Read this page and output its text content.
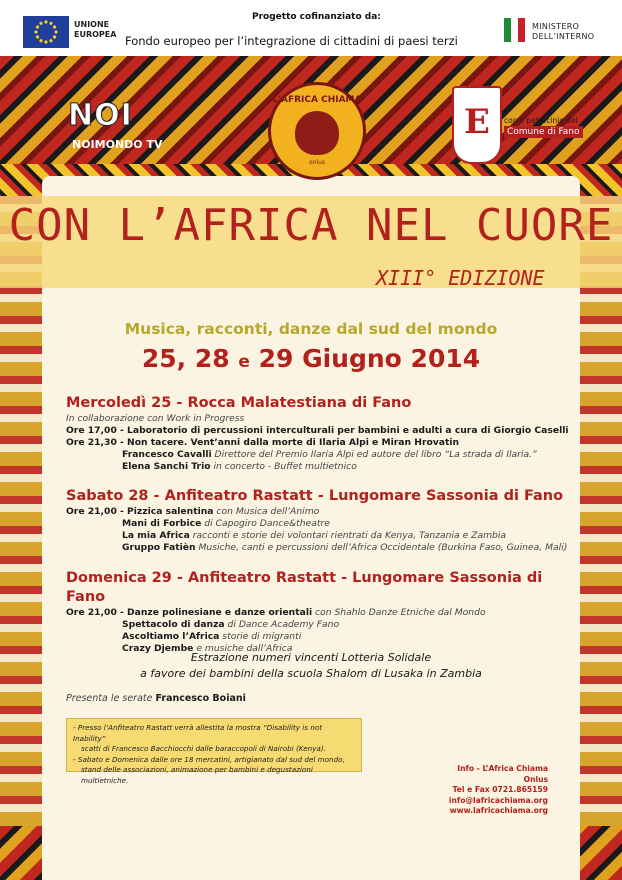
UNIONE
EUROPEA
Progetto cofinanziato da:
Fondo europeo per l’integrazione di cittadini di paesi terzi
MINISTERO
DELL’INTERNO
NOI
NOIMONDO TV
L'AFRICA CHIAMA
onlus
E	con il patrocinio del
Comune di Fano
CON L’AFRICA NEL CUORE
XIII° EDIZIONE
Musica, racconti, danze dal sud del mondo
25, 28 e 29 Giugno 2014
Mercoledì 25 - Rocca Malatestiana di Fano
In collaborazione con Work in Progress
Ore 17,00 - Laboratorio di percussioni interculturali per bambini e adulti a cura di Giorgio Caselli
Ore 21,30 - Non tacere. Vent’anni dalla morte di Ilaria Alpi e Miran Hrovatin
Francesco Cavalli Direttore del Premio Ilaria Alpi ed autore del libro “La strada di Ilaria.”
Elena Sanchi Trio in concerto - Buffet multietnico
Sabato 28 - Anfiteatro Rastatt - Lungomare Sassonia di Fano
Ore 21,00 - Pizzica salentina con Musica dell’Animo
Mani di Forbice di Capogiro Dance&theatre
La mia Africa racconti e storie dei volontari rientrati da Kenya, Tanzania e Zambia
Gruppo Fatièn Musiche, canti e percussioni dell’Africa Occidentale (Burkina Faso, Guinea, Mali)
Domenica 29 - Anfiteatro Rastatt - Lungomare Sassonia di Fano
Ore 21,00 - Danze polinesiane e danze orientali con Shahlo Danze Etniche dal Mondo
Spettacolo di danza di Dance Academy Fano
Ascoltiamo l’Africa storie di migranti
Crazy Djembe e musiche dall’Africa
Estrazione numeri vincenti Lotteria Solidale
a favore dei bambini della scuola Shalom di Lusaka in Zambia
Presenta le serate Francesco Boiani
- Presso l’Anfiteatro Rastatt verrà allestita la mostra “Disability is not Inability”
scatti di Francesco Bacchiocchi dalle baraccopoli di Nairobi (Kenya).
- Sabato e Domenica dalle ore 18 mercatini, artigianato dal sud del mondo,
stand delle associazioni, animazione per bambini e degustazioni multietniche.
Info - L’Africa Chiama Onlus
Tel e Fax 0721.865159
info@lafricachiama.org
www.lafricachiama.org
